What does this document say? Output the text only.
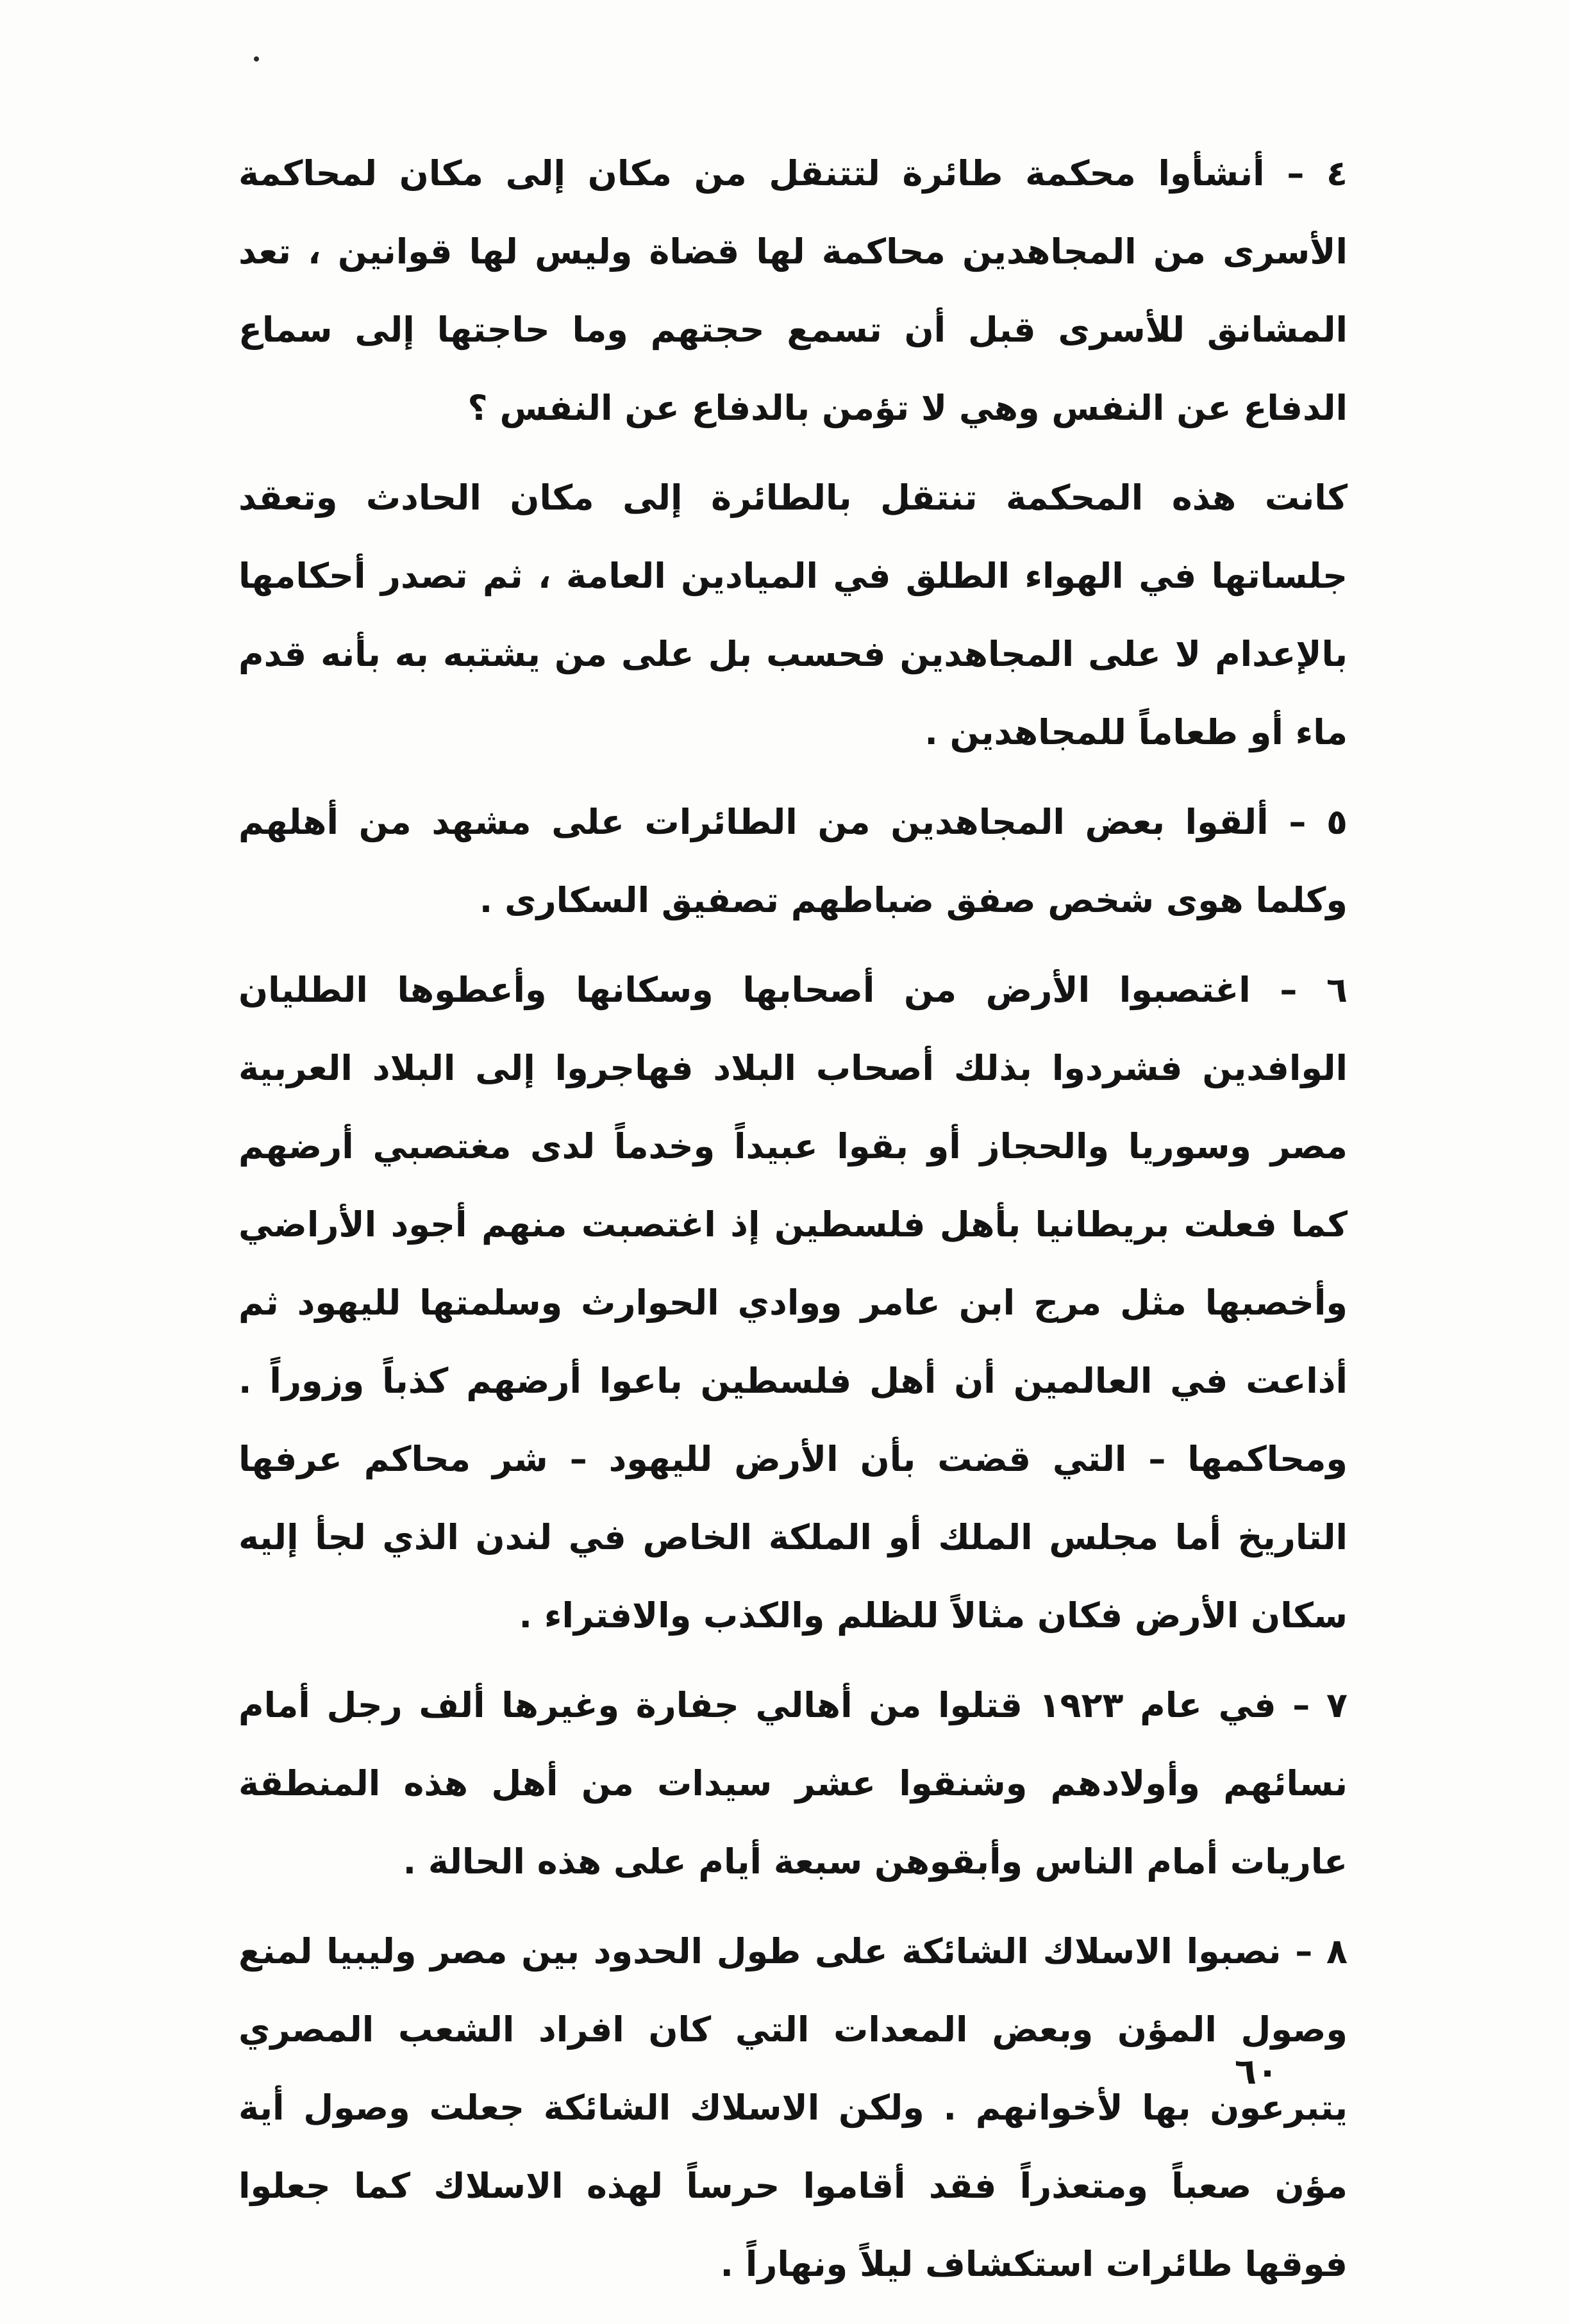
٤ – أنشأوا محكمة طائرة لتتنقل من مكان إلى مكان لمحاكمة الأسرى من المجاهدين محاكمة لها قضاة وليس لها قوانين ، تعد المشانق للأسرى قبل أن تسمع حجتهم وما حاجتها إلى سماع الدفاع عن النفس وهي لا تؤمن بالدفاع عن النفس ؟

كانت هذه المحكمة تنتقل بالطائرة إلى مكان الحادث وتعقد جلساتها في الهواء الطلق في الميادين العامة ، ثم تصدر أحكامها بالإعدام لا على المجاهدين فحسب بل على من يشتبه به بأنه قدم ماء أو طعاماً للمجاهدين .

٥ – ألقوا بعض المجاهدين من الطائرات على مشهد من أهلهم وكلما هوى شخص صفق ضباطهم تصفيق السكارى .

٦ – اغتصبوا الأرض من أصحابها وسكانها وأعطوها الطليان الوافدين فشردوا بذلك أصحاب البلاد فهاجروا إلى البلاد العربية مصر وسوريا والحجاز أو بقوا عبيداً وخدماً لدى مغتصبي أرضهم كما فعلت بريطانيا بأهل فلسطين إذ اغتصبت منهم أجود الأراضي وأخصبها مثل مرج ابن عامر ووادي الحوارث وسلمتها لليهود ثم أذاعت في العالمين أن أهل فلسطين باعوا أرضهم كذباً وزوراً . ومحاكمها – التي قضت بأن الأرض لليهود – شر محاكم عرفها التاريخ أما مجلس الملك أو الملكة الخاص في لندن الذي لجأ إليه سكان الأرض فكان مثالاً للظلم والكذب والافتراء .

٧ – في عام ١٩٢٣ قتلوا من أهالي جفارة وغيرها ألف رجل أمام نسائهم وأولادهم وشنقوا عشر سيدات من أهل هذه المنطقة عاريات أمام الناس وأبقوهن سبعة أيام على هذه الحالة .

٨ – نصبوا الاسلاك الشائكة على طول الحدود بين مصر وليبيا لمنع وصول المؤن وبعض المعدات التي كان افراد الشعب المصري يتبرعون بها لأخوانهم . ولكن الاسلاك الشائكة جعلت وصول أية مؤن صعباً ومتعذراً فقد أقاموا حرساً لهذه الاسلاك كما جعلوا فوقها طائرات استكشاف ليلاً ونهاراً .

٦٠
